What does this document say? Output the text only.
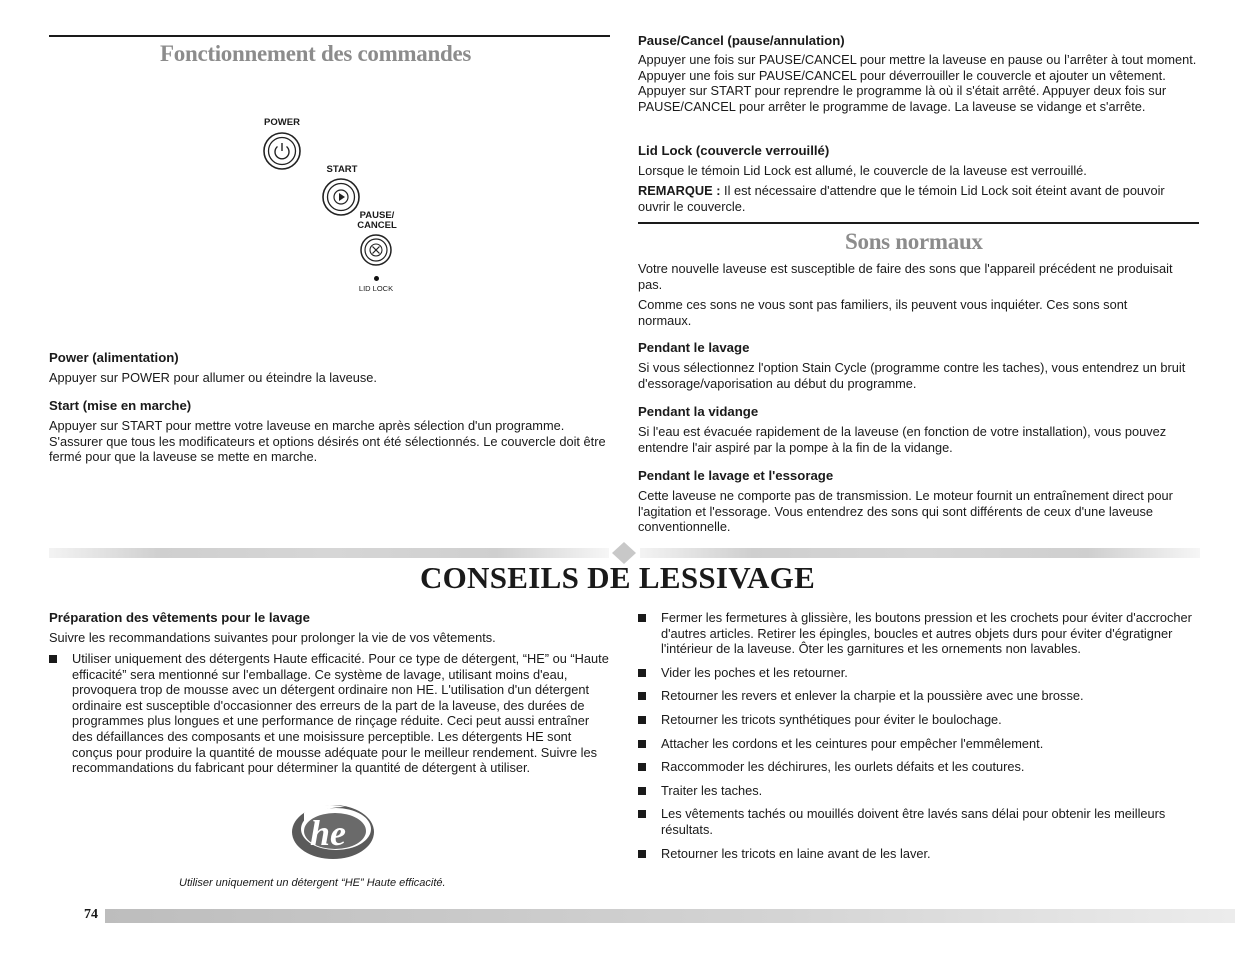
Fonctionnement des commandes
POWER
START
PAUSE/
CANCEL
LID LOCK
Power (alimentation)
Appuyer sur POWER pour allumer ou éteindre la laveuse.
Start (mise en marche)
Appuyer sur START pour mettre votre laveuse en marche après sélection d'un programme. S'assurer que tous les modificateurs et options désirés ont été sélectionnés. Le couvercle doit être fermé pour que la laveuse se mette en marche.
Pause/Cancel (pause/annulation)
Appuyer une fois sur PAUSE/CANCEL pour mettre la laveuse en pause ou l’arrêter à tout moment. Appuyer une fois sur PAUSE/CANCEL pour déverrouiller le couvercle et ajouter un vêtement. Appuyer sur START pour reprendre le programme là où il s'était arrêté. Appuyer deux fois sur PAUSE/CANCEL pour arrêter le programme de lavage. La laveuse se vidange et s'arrête.
Lid Lock (couvercle verrouillé)
Lorsque le témoin Lid Lock est allumé, le couvercle de la laveuse est verrouillé.
REMARQUE : Il est nécessaire d'attendre que le témoin Lid Lock soit éteint avant de pouvoir ouvrir le couvercle.
Sons normaux
Votre nouvelle laveuse est susceptible de faire des sons que l'appareil précédent ne produisait pas.
Comme ces sons ne vous sont pas familiers, ils peuvent vous inquiéter. Ces sons sont normaux.
Pendant le lavage
Si vous sélectionnez l'option Stain Cycle (programme contre les taches), vous entendrez un bruit d'essorage/vaporisation au début du programme.
Pendant la vidange
Si l'eau est évacuée rapidement de la laveuse (en fonction de votre installation), vous pouvez entendre l'air aspiré par la pompe à la fin de la vidange.
Pendant le lavage et l'essorage
Cette laveuse ne comporte pas de transmission. Le moteur fournit un entraînement direct pour l'agitation et l'essorage. Vous entendrez des sons qui sont différents de ceux d'une laveuse conventionnelle.
CONSEILS DE LESSIVAGE
Préparation des vêtements pour le lavage
Suivre les recommandations suivantes pour prolonger la vie de vos vêtements.
Utiliser uniquement des détergents Haute efficacité. Pour ce type de détergent, “HE” ou “Haute efficacité” sera mentionné sur l'emballage. Ce système de lavage, utilisant moins d'eau, provoquera trop de mousse avec un détergent ordinaire non HE. L'utilisation d'un détergent ordinaire est susceptible d'occasionner des erreurs de la part de la laveuse, des durées de programmes plus longues et une performance de rinçage réduite. Ceci peut aussi entraîner des défaillances des composants et une moisissure perceptible. Les détergents HE sont conçus pour produire la quantité de mousse adéquate pour le meilleur rendement. Suivre les recommandations du fabricant pour déterminer la quantité de détergent à utiliser.
he
Utiliser uniquement un détergent “HE” Haute efficacité.
Fermer les fermetures à glissière, les boutons pression et les crochets pour éviter d'accrocher d'autres articles. Retirer les épingles, boucles et autres objets durs pour éviter d'égratigner l'intérieur de la laveuse. Ôter les garnitures et les ornements non lavables.
Vider les poches et les retourner.
Retourner les revers et enlever la charpie et la poussière avec une brosse.
Retourner les tricots synthétiques pour éviter le boulochage.
Attacher les cordons et les ceintures pour empêcher l'emmêlement.
Raccommoder les déchirures, les ourlets défaits et les coutures.
Traiter les taches.
Les vêtements tachés ou mouillés doivent être lavés sans délai pour obtenir les meilleurs résultats.
Retourner les tricots en laine avant de les laver.
74
